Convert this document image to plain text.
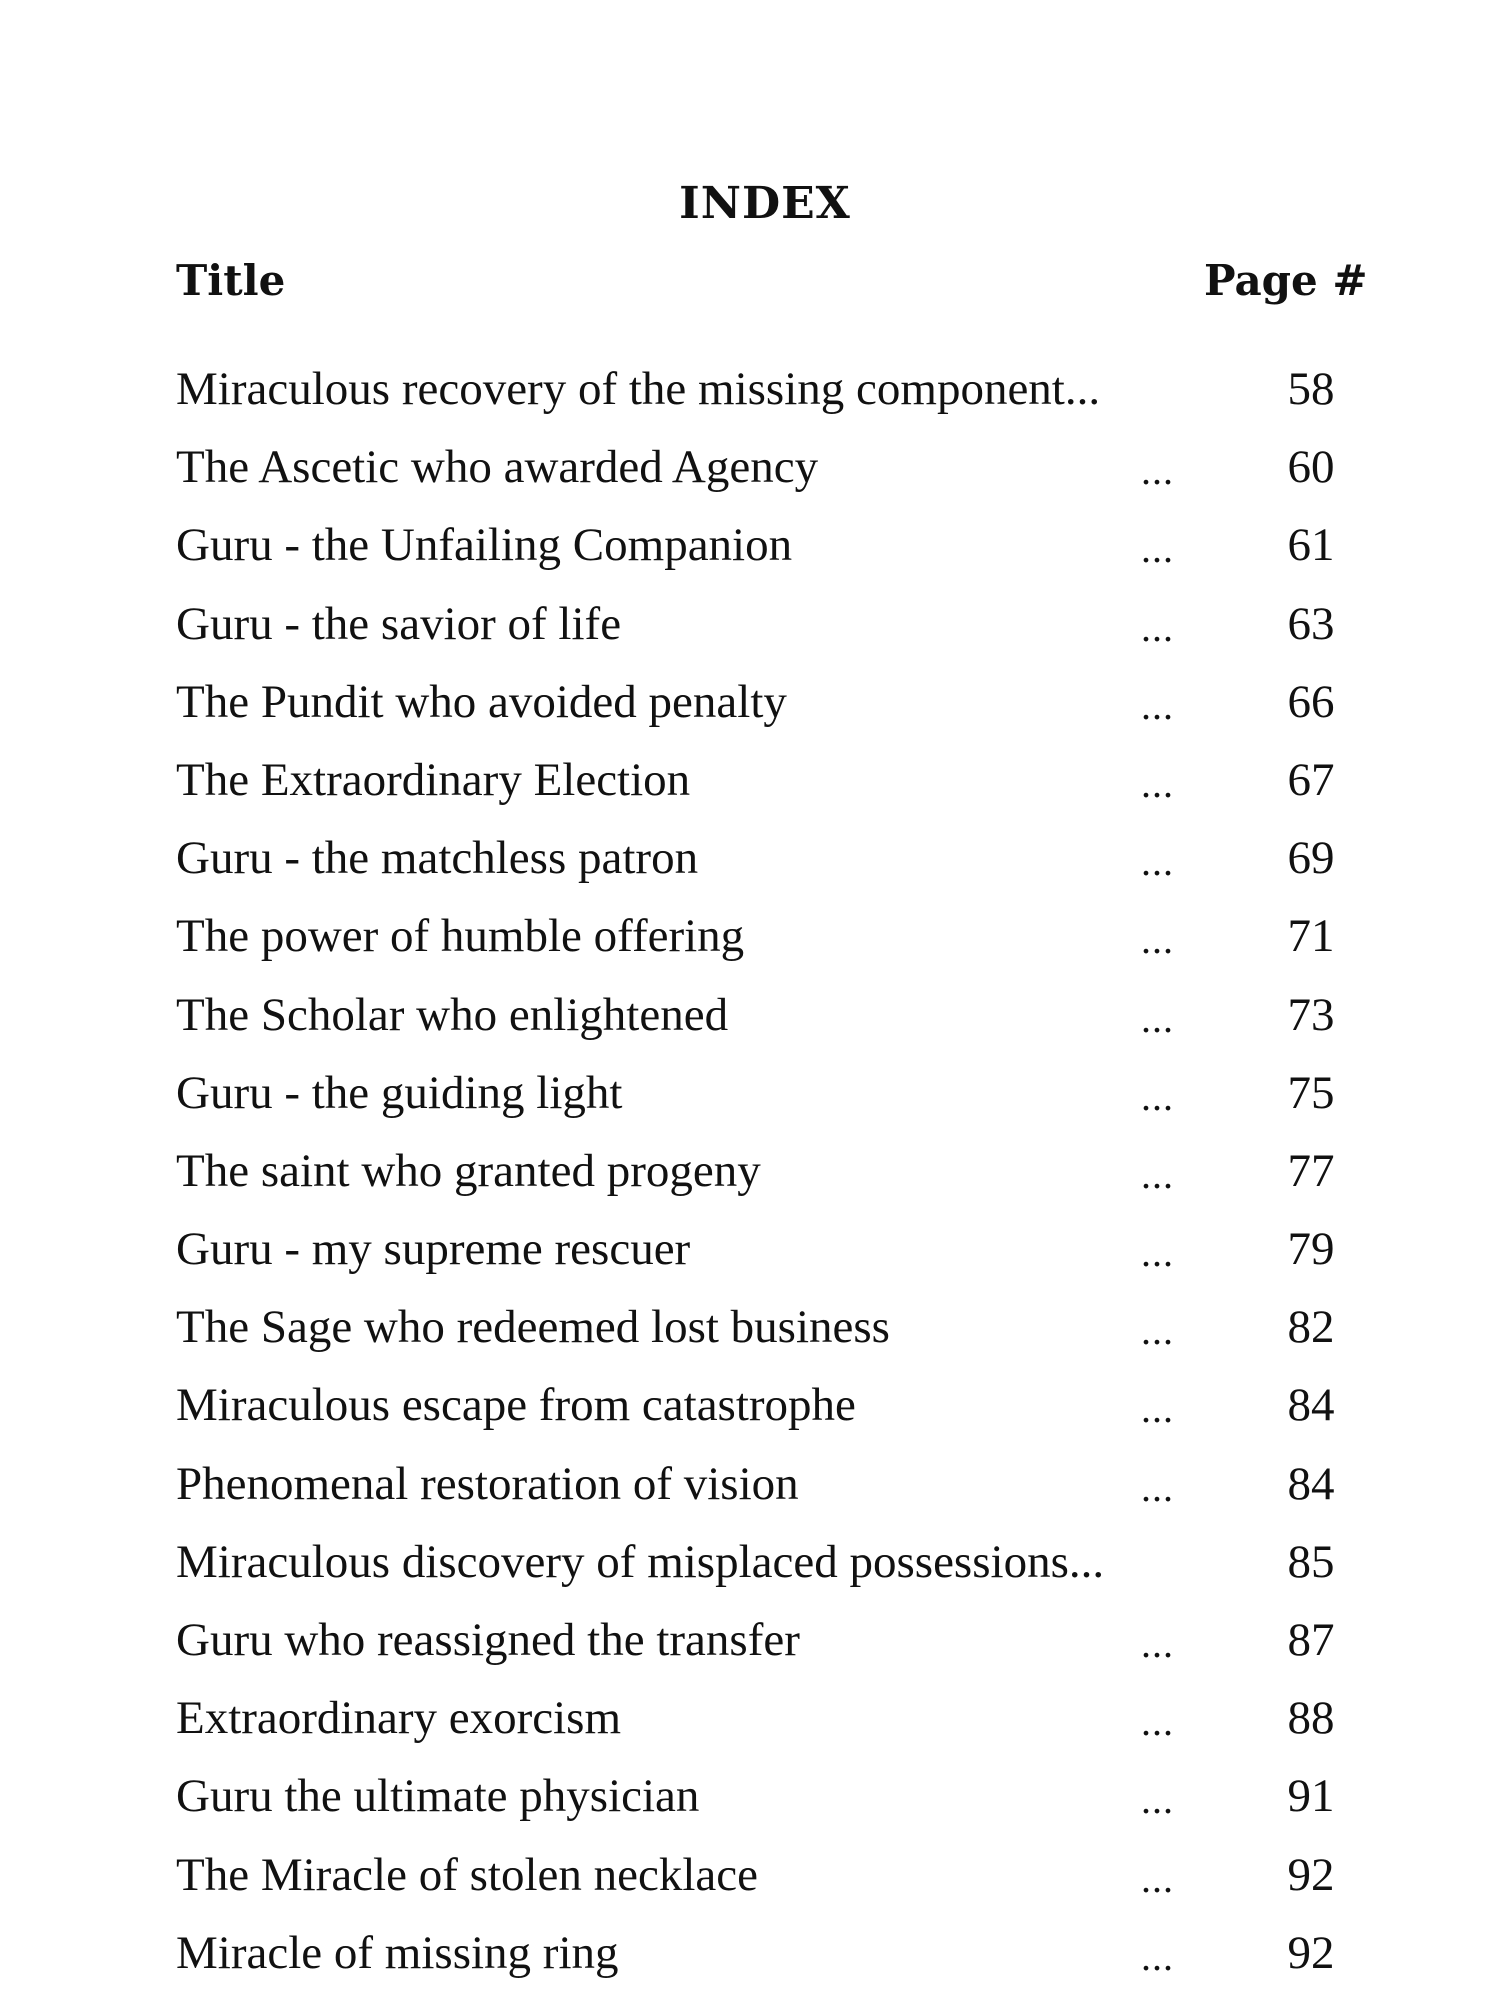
INDEX
Title	Page #
Miraculous recovery of the missing component...	58
The Ascetic who awarded Agency	...	60
Guru - the Unfailing Companion	...	61
Guru - the savior of life	...	63
The Pundit who avoided penalty	...	66
The Extraordinary Election	...	67
Guru - the matchless patron	...	69
The power of humble offering	...	71
The Scholar who enlightened	...	73
Guru - the guiding light	...	75
The saint who granted progeny	...	77
Guru - my supreme rescuer	...	79
The Sage who redeemed lost business	...	82
Miraculous escape from catastrophe	...	84
Phenomenal restoration of vision	...	84
Miraculous discovery of misplaced possessions...	85
Guru who reassigned the transfer	...	87
Extraordinary exorcism	...	88
Guru the ultimate physician	...	91
The Miracle of stolen necklace	...	92
Miracle of missing ring	...	92
